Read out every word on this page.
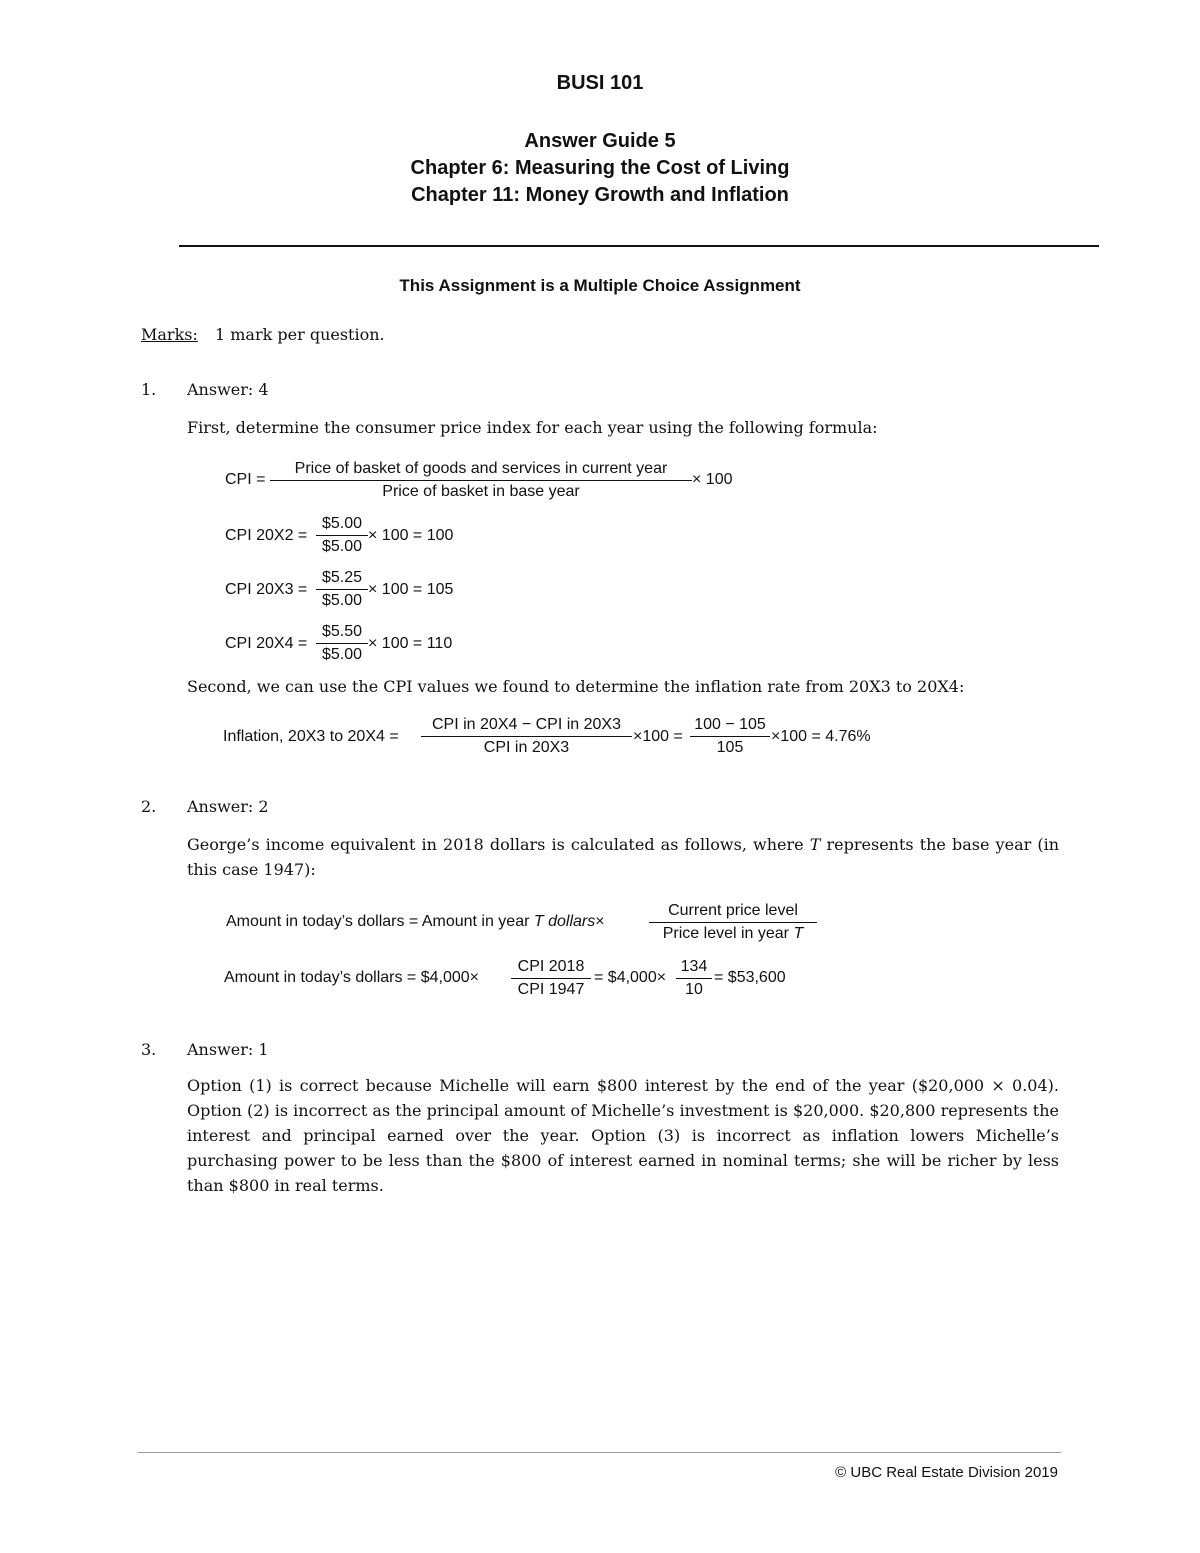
BUSI 101
Answer Guide 5
Chapter 6: Measuring the Cost of Living
Chapter 11: Money Growth and Inflation
This Assignment is a Multiple Choice Assignment
Marks: 1 mark per question.
1. Answer: 4
First, determine the consumer price index for each year using the following formula:
CPI =
Price of basket of goods and services in current year
Price of basket in base year
× 100
CPI $20X2 = \frac{\$5.00}{\$5.00} \times 100 = 100$
CPI $20X3 = \frac{\$5.25}{\$5.00} \times 100 = 105$
CPI $20X4 = \frac{\$5.50}{\$5.00} \times 100 = 110$
Second, we can use the CPI values we found to determine the inflation rate from 20X3 to 20X4:
Inflation, 20X3 to 20X4 =
CPI in 20X4 − CPI in 20X3
CPI in 20X3
$\times 100 = \frac{100 - 105}{105} \times 100 = 4.76\%$
2. Answer: 2
George’s income equivalent in 2018 dollars is calculated as follows, where T represents the base year (in this case 1947):
Amount in today’s dollars = Amount in year T dollars×
Current price level
Price level in year T
Amount in today’s dollars = $4,000×
CPI 2018
CPI 1947
= $4,000× $\frac{134}{10}$ = $53,600
3. Answer: 1
Option (1) is correct because Michelle will earn $800 interest by the end of the year ($20,000 × 0.04). Option (2) is incorrect as the principal amount of Michelle’s investment is $20,000. $20,800 represents the interest and principal earned over the year. Option (3) is incorrect as inflation lowers Michelle’s purchasing power to be less than the $800 of interest earned in nominal terms; she will be richer by less than $800 in real terms.
© UBC Real Estate Division 2019
